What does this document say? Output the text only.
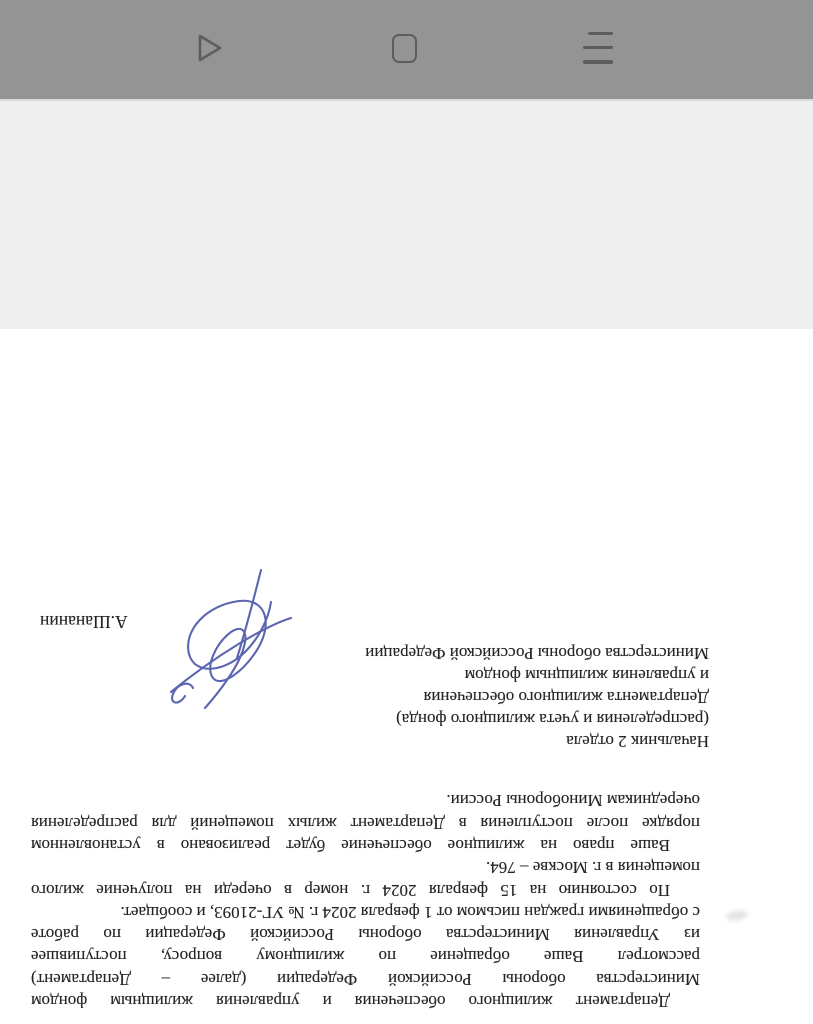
Департамент жилищного обеспечения и управления жилищным фондом
Министерства обороны Российской Федерации (далее – Департамент)
рассмотрел Ваше обращение по жилищному вопросу, поступившее
из Управления Министерства обороны Российской Федерации по работе
с обращениями граждан письмом от 1 февраля 2024 г. № УГ-21093, и сообщает.
По состоянию на 15 февраля 2024 г. номер в очереди на получение жилого
помещения в г. Москве – 764.
Ваше право на жилищное обеспечение будет реализовано в установленном
порядке после поступления в Департамент жилых помещений для распределения
очередникам Минобороны России.
Начальник 2 отдела
(распределения и учета жилищного фонда)
Департамента жилищного обеспечения
и управления жилищным фондом
Министерства обороны Российской Федерации
А.Шананин
